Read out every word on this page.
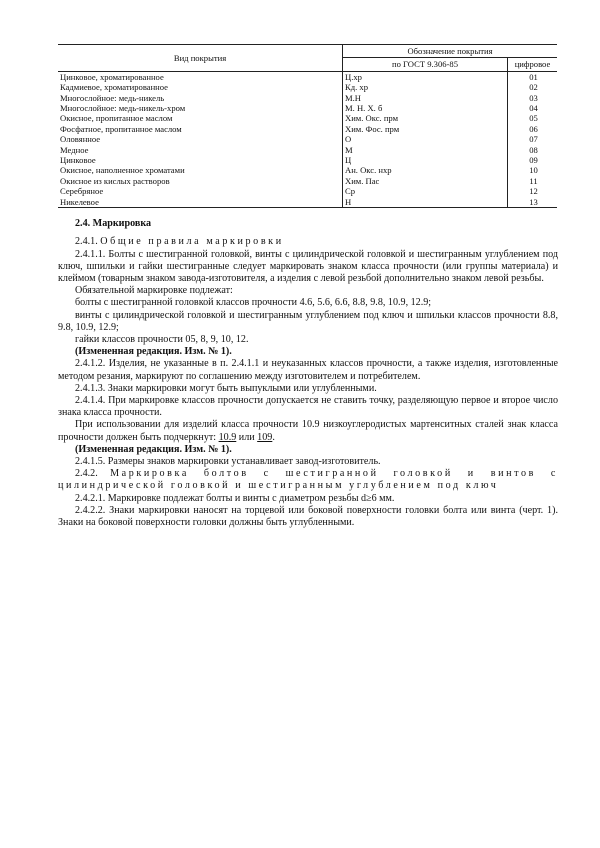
Вид покрытия	Обозначение покрытия	
	по ГОСТ 9.306-85	цифровое
Цинковое, хроматированное	Ц.хр	01
Кадмиевое, хроматированное	Кд. хр	02
Многослойное: медь-никель	М.Н	03
Многослойное: медь-никель-хром	М. Н. Х. б	04
Окисное, пропитанное маслом	Хим. Окс. прм	05
Фосфатное, пропитанное маслом	Хим. Фос. прм	06
Оловянное	О	07
Медное	М	08
Цинковое	Ц	09
Окисное, наполненное хроматами	Ан. Окс. нхр	10
Окисное из кислых растворов	Хим. Пас	11
Серебряное	Ср	12
Никелевое	Н	13

2.4. Маркировка

2.4.1. Общие правила маркировки

2.4.1.1. Болты с шестигранной головкой, винты с цилиндрической головкой и шестигранным углублением под ключ, шпильки и гайки шестигранные следует маркировать знаком класса прочности (или группы материала) и клеймом (товарным знаком завода-изготовителя, а изделия с левой резьбой дополнительно знаком левой резьбы.

Обязательной маркировке подлежат:

болты с шестигранной головкой классов прочности 4.6, 5.6, 6.6, 8.8, 9.8, 10.9, 12.9;

винты с цилиндрической головкой и шестигранным углублением под ключ и шпильки классов прочности 8.8, 9.8, 10.9, 12.9;

гайки классов прочности 05, 8, 9, 10, 12.

(Измененная редакция. Изм. № 1).

2.4.1.2. Изделия, не указанные в п. 2.4.1.1 и неуказанных классов прочности, а также изделия, изготовленные методом резания, маркируют по соглашению между изготовителем и потребителем.

2.4.1.3. Знаки маркировки могут быть выпуклыми или углубленными.

2.4.1.4. При маркировке классов прочности допускается не ставить точку, разделяющую первое и второе число знака класса прочности.

При использовании для изделий класса прочности 10.9 низкоуглеродистых мартенситных сталей знак класса прочности должен быть подчеркнут: 10.9 или 109.

(Измененная редакция. Изм. № 1).

2.4.1.5. Размеры знаков маркировки устанавливает завод-изготовитель.

2.4.2. Маркировка болтов с шестигранной головкой и винтов с цилиндрической головкой и шестигранным углублением под ключ

2.4.2.1. Маркировке подлежат болты и винты с диаметром резьбы d≥6 мм.

2.4.2.2. Знаки маркировки наносят на торцевой или боковой поверхности головки болта или винта (черт. 1). Знаки на боковой поверхности головки должны быть углубленными.
